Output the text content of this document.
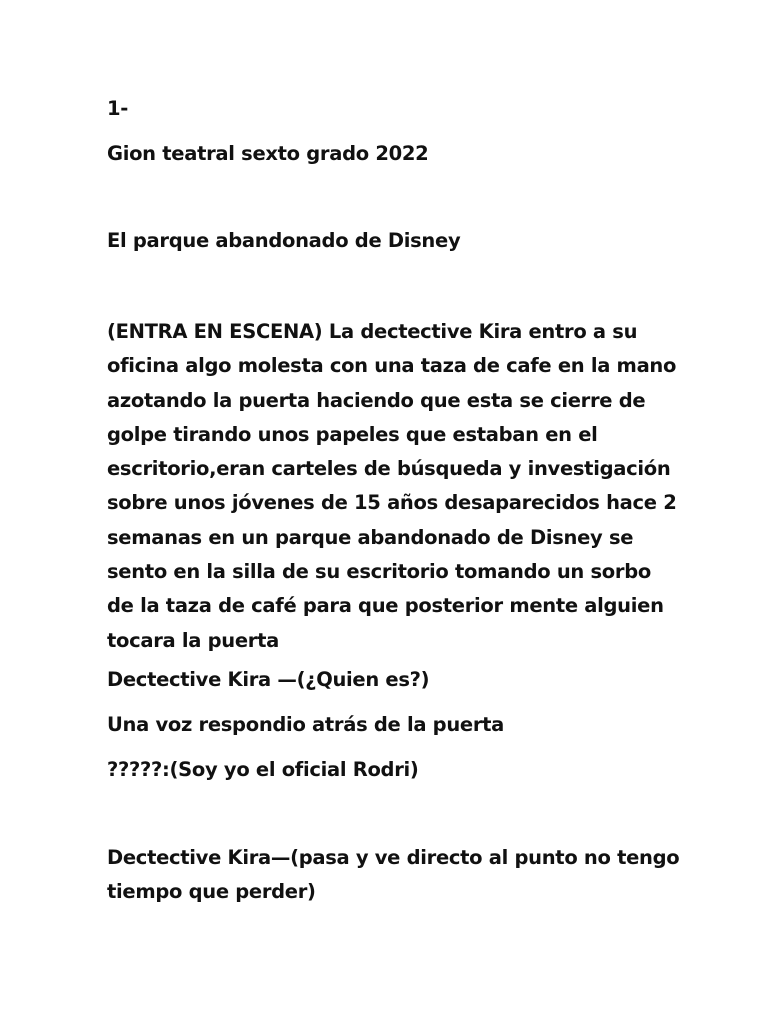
1-

Gion teatral sexto grado 2022

El parque abandonado de Disney

(ENTRA EN ESCENA) La dectective Kira entro a su
oficina algo molesta con una taza de cafe en la mano
azotando la puerta haciendo que esta se cierre de
golpe tirando unos papeles que estaban en el
escritorio,eran carteles de búsqueda y investigación
sobre unos jóvenes de 15 años desaparecidos hace 2
semanas en un parque abandonado de Disney se
sento en la silla de su escritorio tomando un sorbo
de la taza de café para que posterior mente alguien
tocara la puerta

Dectective Kira —(¿Quien es?)

Una voz respondio atrás de la puerta

?????:(Soy yo el oficial Rodri)

Dectective Kira—(pasa y ve directo al punto no tengo

tiempo que perder)
